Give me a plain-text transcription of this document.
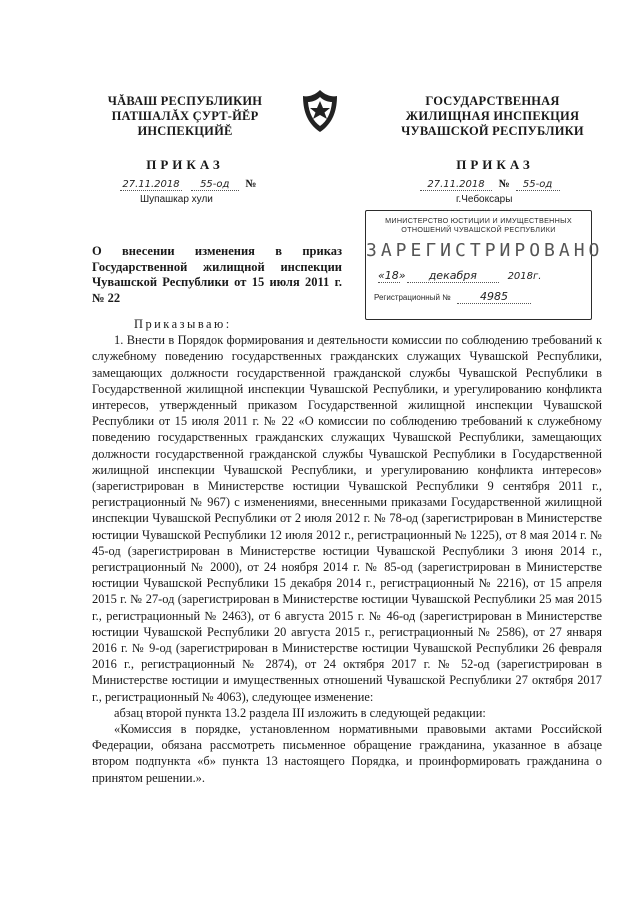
ЧĂВАШ РЕСПУБЛИКИН
ПАТШАЛĂХ ÇУРТ-ЙĔР
ИНСПЕКЦИЙĔ
ПРИКАЗ
27.11.2018 55-од №
Шупашкар хули
ГОСУДАРСТВЕННАЯ
ЖИЛИЩНАЯ ИНСПЕКЦИЯ
ЧУВАШСКОЙ РЕСПУБЛИКИ
ПРИКАЗ
27.11.2018 № 55-од
г.Чебоксары
МИНИСТЕРСТВО ЮСТИЦИИ И ИМУЩЕСТВЕННЫХ
ОТНОШЕНИЙ ЧУВАШСКОЙ РЕСПУБЛИКИ
ЗАРЕГИСТРИРОВАНО
«18» декабря	2018г.
Регистрационный №	4985
О внесении изменения в приказ Государственной жилищной инспекции Чувашской Республики от 15 июля 2011 г. № 22

Приказываю:

1. Внести в Порядок формирования и деятельности комиссии по соблюдению требований к служебному поведению государственных гражданских служащих Чувашской Республики, замещающих должности государственной гражданской службы Чувашской Республики в Государственной жилищной инспекции Чувашской Республики, и урегулированию конфликта интересов, утвержденный приказом Государственной жилищной инспекции Чувашской Республики от 15 июля 2011 г. № 22 «О комиссии по соблюдению требований к служебному поведению государственных гражданских служащих Чувашской Республики, замещающих должности государственной гражданской службы Чувашской Республики в Государственной жилищной инспекции Чувашской Республики, и урегулированию конфликта интересов» (зарегистрирован в Министерстве юстиции Чувашской Республики 9 сентября 2011 г., регистрационный № 967) с изменениями, внесенными приказами Государственной жилищной инспекции Чувашской Республики от 2 июля 2012 г. № 78-од (зарегистрирован в Министерстве юстиции Чувашской Республики 12 июля 2012 г., регистрационный № 1225), от 8 мая 2014 г. № 45-од (зарегистрирован в Министерстве юстиции Чувашской Республики 3 июня 2014 г., регистрационный № 2000), от 24 ноября 2014 г. № 85-од (зарегистрирован в Министерстве юстиции Чувашской Республики 15 декабря 2014 г., регистрационный № 2216), от 15 апреля 2015 г. № 27-од (зарегистрирован в Министерстве юстиции Чувашской Республики 25 мая 2015 г., регистрационный № 2463), от 6 августа 2015 г. № 46-од (зарегистрирован в Министерстве юстиции Чувашской Республики 20 августа 2015 г., регистрационный № 2586), от 27 января 2016 г. № 9-од (зарегистрирован в Министерстве юстиции Чувашской Республики 26 февраля 2016 г., регистрационный № 2874), от 24 октября 2017 г. № 52-од (зарегистрирован в Министерстве юстиции и имущественных отношений Чувашской Республики 27 октября 2017 г., регистрационный № 4063), следующее изменение:

абзац второй пункта 13.2 раздела III изложить в следующей редакции:

«Комиссия в порядке, установленном нормативными правовыми актами Российской Федерации, обязана рассмотреть письменное обращение гражданина, указанное в абзаце втором подпункта «б» пункта 13 настоящего Порядка, и проинформировать гражданина о принятом решении.».
